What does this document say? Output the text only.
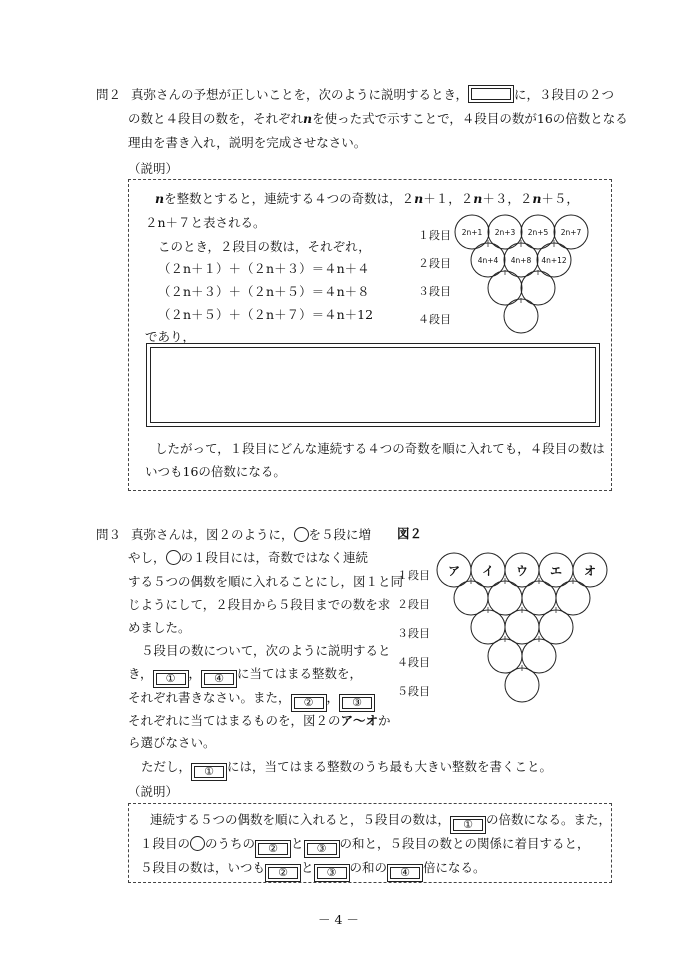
問２ 真弥さんの予想が正しいことを，次のように説明するとき，	に，３段目の２つ
の数と４段目の数を，それぞれnを使った式で示すことで，４段目の数が16の倍数となる
理由を書き入れ，説明を完成させなさい。
（説明）
nを整数とすると，連続する４つの奇数は，２n＋１，２n＋３，２n＋５，
２n＋７と表される。
このとき，２段目の数は，それぞれ，
（２n＋１）＋（２n＋３）＝４n＋４
（２n＋３）＋（２n＋５）＝４n＋８
（２n＋５）＋（２n＋７）＝４n＋12
であり，
１段目
２段目
３段目
４段目
2n+1 2n+3 2n+5 2n+7
4n+4 4n+8 4n+12
したがって，１段目にどんな連続する４つの奇数を順に入れても，４段目の数は
いつも16の倍数になる。
問３ 真弥さんは，図２のように， を５段に増
やし， の１段目には，奇数ではなく連続
する５つの偶数を順に入れることにし，図１と同
じようにして，２段目から５段目までの数を求
めました。
５段目の数について，次のように説明すると
き， ① ， ④ に当てはまる整数を，
それぞれ書きなさい。また， ② ， ③
それぞれに当てはまるものを，図２のア～オか
ら選びなさい。
ただし， ① には，当てはまる整数のうち最も大きい整数を書くこと。
図２
１段目
２段目
３段目
４段目
５段目
ア イ ウ エ オ
（説明）
連続する５つの偶数を順に入れると，５段目の数は， ① の倍数になる。また，
１段目の のうちの ② と ③ の和と，５段目の数との関係に着目すると，
５段目の数は，いつも ② と ③ の和の ④ 倍になる。
－ 4 －
